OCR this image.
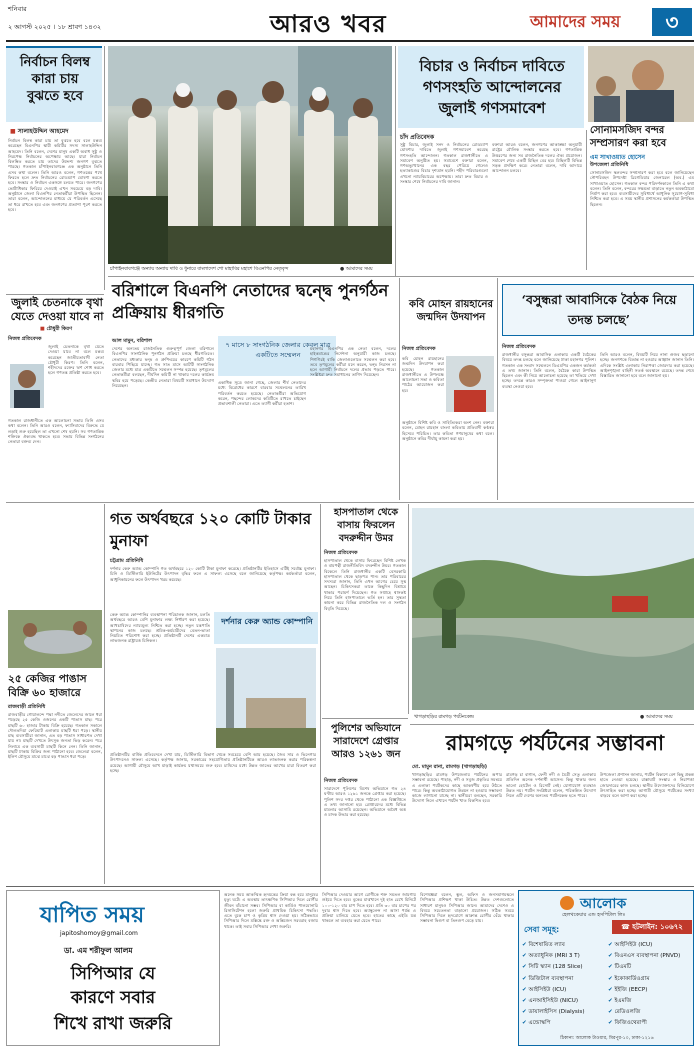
শনিবার
২ আগস্ট ২০২৫ । ১৮ শ্রাবণ ১৪৩২	আরও খবর	আমাদের সময়	৩
নির্বাচন বিলম্ব কারা চায় বুঝতে হবে
■ সালাহউদ্দিন আহমেদ
নির্বাচন বিলম্ব কারা চায় তা বুঝতে হবে বলে মন্তব্য করেছেন বিএনপির স্থায়ী কমিটির সদস্য সালাহউদ্দিন আহমেদ। তিনি বলেন, দেশের মানুষ একটি অবাধ সুষ্ঠু ও নিরপেক্ষ নির্বাচনের অপেক্ষায় আছে। যারা নির্বাচন বিলম্বিত করতে চায় তাদের উদ্দেশ্য জনগণ বুঝতে পারছে। গতকাল চাঁপাইনবাবগঞ্জে এক অনুষ্ঠানে তিনি এসব কথা বলেন। তিনি আরও বলেন, গণতন্ত্রের পথে ফিরতে হলে দ্রুত নির্বাচনের রোডম্যাপ ঘোষণা করতে হবে। সংস্কার ও নির্বাচন একসঙ্গে চলতে পারে। জনগণের ভোটাধিকার ফিরিয়ে দেওয়াই এখন সবচেয়ে বড় দাবি। অনুষ্ঠানে জেলা বিএনপির নেতাকর্মীরা উপস্থিত ছিলেন। তারা বলেন, আন্দোলনের মাধ্যমে যে পরিবর্তন এসেছে তা ধরে রাখতে হবে এবং জনগণের প্রত্যাশা পূরণ করতে হবে।
চাঁপাইনবাবগঞ্জে অন্যায় অন্যায় দাবি ও ধুনারে বাংলাদেশ শো মাহাবির মহাশে বিএনপির নেতৃবৃন্দ	● আমাদের সময়
বিচার ও নির্বাচন দাবিতে গণসংহতি আন্দোলনের জুলাই গণসমাবেশ
চাঁদ প্রতিবেদক
সুষ্ঠু বিচার, জুলাই সনদ ও নির্বাচনের রোডম্যাপ ঘোষণার দাবিতে জুলাই গণসমাবেশ করেছে গণসংহতি আন্দোলন। গতকাল রাজধানীতে এ সমাবেশ অনুষ্ঠিত হয়। সমাবেশে বক্তারা বলেন, গণঅভ্যুত্থানের এক বছর পেরিয়ে গেলেও হত্যাকাণ্ডের বিচার দৃশ্যমান হয়নি। শহীদ পরিবারগুলো এখনো ন্যায়বিচারের অপেক্ষায়। তারা দ্রুত বিচার ও সংস্কার শেষে নির্বাচনের দাবি জানান।
বক্তারা আরও বলেন, জনগণের আকাঙ্ক্ষা অনুযায়ী রাষ্ট্রের মৌলিক সংস্কার করতে হবে। গণতান্ত্রিক উত্তরণের জন্য সব রাজনৈতিক দলের ঐক্য প্রয়োজন। সমাবেশ শেষে একটি মিছিল বের হয়। মিছিলটি বিভিন্ন সড়ক প্রদক্ষিণ করে। নেতারা বলেন, দাবি আদায়ে আন্দোলন চলবে।
সোনামসজিদ বন্দর সম্প্রসারণ করা হবে
এম সাখাওয়াত হোসেন
উপজেলা প্রতিনিধি
সোনামসজিদ স্থলবন্দর সম্প্রসারণ করা হবে বলে জানিয়েছেন নৌপরিবহন উপদেষ্টা ব্রিগেডিয়ার জেনারেল (অব.) এম সাখাওয়াত হোসেন। গতকাল বন্দর পরিদর্শনকালে তিনি এ কথা বলেন। তিনি বলেন, বন্দরের সক্ষমতা বাড়াতে নতুন অবকাঠামো নির্মাণ করা হবে। ব্যবসায়ীদের সুবিধার্থে আধুনিক সুযোগ-সুবিধা নিশ্চিত করা হবে। এ সময় স্থানীয় প্রশাসনের কর্মকর্তারা উপস্থিত ছিলেন।
বরিশালে বিএনপি নেতাদের দ্বন্দ্বে পুনর্গঠন প্রক্রিয়ায় ধীরগতি
৭ মাসে ৮ সাংগঠনিক জেলার কেবল মাত্র একটিতে সম্মেলন
আল মামুন, বরিশাল
দেশের অন্যতম রাজনৈতিক গুরুত্বপূর্ণ জেলা বরিশালে বিএনপির সাংগঠনিক পুনর্গঠন প্রক্রিয়া চলছে ধীরগতিতে। নেতাদের মধ্যকার দ্বন্দ্ব ও গ্রুপিংয়ের কারণে কমিটি গঠন বারবার পিছিয়ে যাচ্ছে। গত সাত মাসে আটটি সাংগঠনিক জেলার মধ্যে মাত্র একটিতে সম্মেলন সম্পন্ন হয়েছে। তৃণমূলের নেতাকর্মীরা বলছেন, দীর্ঘদিন কমিটি না থাকায় দলের কার্যক্রম স্থবির হয়ে পড়েছে। কেন্দ্রীয় নেতারা বিষয়টি সমাধানে উদ্যোগ নিয়েছেন।
একাধিক সূত্রে জানা গেছে, জেলার শীর্ষ নেতাদের মধ্যে বিরোধের কারণে বারবার সম্মেলনের তারিখ পরিবর্তন করতে হয়েছে। নেতাকর্মীরা অভিযোগ করেন, পছন্দের লোকদের কমিটিতে রাখতে চাইছেন প্রভাবশালী নেতারা। এতে ত্যাগী কর্মীরা হতাশ।
মহানগর বিএনপির এক নেতা বলেন, দলের হাইকমান্ডের নির্দেশনা অনুযায়ী কাজ চলছে। শিগগিরই বাকি জেলাগুলোতে সম্মেলন করা হবে। তবে তৃণমূলের কর্মীরা মনে করেন, দ্বন্দ্ব নিরসন না হলে আগামী নির্বাচনে দলের প্রভাব পড়তে পারে। সংশ্লিষ্টরা দ্রুত সমাধানের তাগিদ দিয়েছেন।
জুলাই চেতনাকে বৃথা যেতে দেওয়া যাবে না
■ চৌধুরী কিরণ
নিজস্ব প্রতিবেদক
জুলাই চেতনাকে বৃথা যেতে দেওয়া যাবে না বলে মন্তব্য করেছেন জাতীয়তাবাদী নেতা চৌধুরী কিরণ। তিনি বলেন, শহীদদের রক্তের ঋণ শোধ করতে হলে গণতন্ত্র প্রতিষ্ঠা করতে হবে।
গতকাল রাজধানীতে এক আলোচনা সভায় তিনি এসব কথা বলেন। তিনি আরও বলেন, ফ্যাসিবাদের বিরুদ্ধে যে লড়াই শুরু হয়েছিল তা এখনো শেষ হয়নি। সব গণতান্ত্রিক শক্তিকে ঐক্যবদ্ধ থাকতে হবে। সভায় বিভিন্ন সংগঠনের নেতারা বক্তব্য দেন।
কবি মোহন রায়হানের জন্মদিন উদযাপন
নিজস্ব প্রতিবেদক
কবি মোহন রায়হানের জন্মদিন উদযাপন করা হয়েছে। গতকাল রাজধানীতে এ উপলক্ষে আলোচনা সভা ও কবিতা পাঠের আয়োজন করা হয়।
অনুষ্ঠানে বিশিষ্ট কবি ও সাহিত্যিকরা অংশ নেন। বক্তারা বলেন, মোহন রায়হান বাংলা কবিতায় প্রতিবাদী কণ্ঠস্বর হিসেবে পরিচিত। তার কবিতা গণমানুষের কথা বলে। অনুষ্ঠানে কবির দীর্ঘায়ু কামনা করা হয়।
‘বসুন্ধরা আবাসিকে বৈঠক নিয়ে তদন্ত চলছে’
নিজস্ব প্রতিবেদক
রাজধানীর বসুন্ধরা আবাসিক এলাকায় একটি বৈঠকের বিষয়ে তদন্ত চলছে বলে জানিয়েছে ঢাকা মহানগর পুলিশ। গতকাল এক সংবাদ সম্মেলনে ডিএমপির একজন কর্মকর্তা এ তথ্য জানান। তিনি বলেন, বৈঠকে কারা উপস্থিত ছিলেন এবং কী নিয়ে আলোচনা হয়েছে তা খতিয়ে দেখা হচ্ছে। তদন্তে কারও সম্পৃক্ততা পাওয়া গেলে আইনানুগ ব্যবস্থা নেওয়া হবে।
তিনি আরও বলেন, বিষয়টি নিয়ে নানা গুজব ছড়ানো হচ্ছে। জনগণকে বিভ্রান্ত না হওয়ার আহ্বান জানান তিনি। এদিকে সংশ্লিষ্ট এলাকায় নিরাপত্তা জোরদার করা হয়েছে। আইনশৃঙ্খলা বাহিনী সতর্ক অবস্থানে রয়েছে। তদন্ত শেষে বিস্তারিত জানানো হবে বলে জানানো হয়।
গত অর্থবছরে ১২০ কোটি টাকার মুনাফা
চট্টগ্রাম প্রতিনিধি
দর্শনার কেরু অ্যান্ড কোম্পানি গত অর্থবছরে ১২০ কোটি টাকা মুনাফা করেছে। প্রতিষ্ঠানটির ইতিহাসে এটিই সর্বোচ্চ মুনাফা। চিনি ও ডিস্টিলারি ইউনিটের উৎপাদন বৃদ্ধির ফলে এ সাফল্য এসেছে বলে জানিয়েছে কর্তৃপক্ষ। কর্মকর্তারা বলেন, আধুনিকায়নের ফলে উৎপাদন খরচ কমেছে।
দর্শনার কেরু অ্যান্ড কোম্পানি
কেরু অ্যান্ড কোম্পানির ব্যবস্থাপনা পরিচালক জানান, চলতি অর্থবছরে আরও বেশি মুনাফার লক্ষ্য নির্ধারণ করা হয়েছে। আখচাষিদের ন্যায্যমূল্য নিশ্চিত করা হচ্ছে। নতুন যন্ত্রপাতি স্থাপনের কাজ চলছে। শ্রমিক-কর্মচারীদের বেতন-ভাতা নিয়মিত পরিশোধ করা হচ্ছে। প্রতিষ্ঠানটি দেশের একমাত্র লাভজনক রাষ্ট্রায়ত্ত চিনিকল।
প্রতিষ্ঠানটির বার্ষিক প্রতিবেদনে দেখা যায়, ডিস্টিলারি বিভাগ থেকে সবচেয়ে বেশি আয় হয়েছে। জৈব সার ও ভিনেগার উৎপাদনেও সাফল্য এসেছে। কর্তৃপক্ষ জানায়, সরকারের সহযোগিতায় প্রতিষ্ঠানটিকে আরও লাভজনক করার পরিকল্পনা রয়েছে। আগামী মৌসুমে আখ মাড়াই কার্যক্রম যথাসময়ে শুরু হবে। চাষিদের মধ্যে উন্নত জাতের আখের চারা বিতরণ করা হচ্ছে।
২৫ কেজির পাঙাস বিক্রি ৬০ হাজারে
রাজবাড়ী প্রতিনিধি
রাজবাড়ীর গোয়ালন্দে পদ্মা নদীতে জেলেদের জালে ধরা পড়েছে ২৫ কেজি ওজনের একটি পাঙাস মাছ। পরে মাছটি ৬০ হাজার টাকায় বিক্রি হয়েছে। গতকাল সকালে দৌলতদিয়া ফেরিঘাট এলাকায় মাছটি ধরা পড়ে। স্থানীয় মাছ ব্যবসায়ীরা জানান, এত বড় পাঙাস সাধারণত দেখা যায় না। মাছটি দেখতে উৎসুক জনতা ভিড় করেন। পরে নিলামে এক ব্যবসায়ী মাছটি কিনে নেন। তিনি জানান, মাছটি ঢাকায় বিক্রির জন্য পাঠানো হবে। জেলেরা বলেন, ইলিশ মৌসুমে মাঝে মাঝে বড় পাঙাস ধরা পড়ে।
হাসপাতাল থেকে বাসায় ফিরলেন বদরুদ্দীন উমর
নিজস্ব প্রতিবেদক
হাসপাতাল থেকে বাসায় ফিরেছেন বিশিষ্ট লেখক ও বামপন্থী রাজনীতিবিদ বদরুদ্দীন উমর। গতকাল বিকেলে তিনি রাজধানীর একটি বেসরকারি হাসপাতাল থেকে ছাড়পত্র পান। তার পরিবারের সদস্যরা জানান, তিনি এখন আগের চেয়ে সুস্থ আছেন। চিকিৎসকরা তাকে কিছুদিন বিশ্রামে থাকার পরামর্শ দিয়েছেন। গত সপ্তাহে শ্বাসকষ্ট নিয়ে তিনি হাসপাতালে ভর্তি হন। তার সুস্থতা কামনা করে বিভিন্ন রাজনৈতিক দল ও সংগঠন বিবৃতি দিয়েছে।
পুলিশের অভিযানে সারাদেশে গ্রেপ্তার আরও ১২৬১ জন
নিজস্ব প্রতিবেদক
সারাদেশে পুলিশের বিশেষ অভিযানে গত ২৪ ঘণ্টায় আরও ১২৬১ জনকে গ্রেপ্তার করা হয়েছে। পুলিশ সদর দপ্তর থেকে পাঠানো এক বিজ্ঞপ্তিতে এ তথ্য জানানো হয়। গ্রেপ্তারদের মধ্যে বিভিন্ন মামলার আসামি রয়েছেন। অভিযানে অবৈধ অস্ত্র ও মাদক উদ্ধার করা হয়েছে।
খাগড়াছড়ির রামগড় পর্যটনকেন্দ্র	● আমাদের সময়
রামগড়ে পর্যটনের সম্ভাবনা
মো. মামুন রানা, রামগড় (খাগড়াছড়ি)
খাগড়াছড়ির রামগড় উপজেলায় পর্যটনের অপার সম্ভাবনা রয়েছে। পাহাড়, নদী ও সবুজ প্রকৃতির সমন্বয়ে এ এলাকা পর্যটকদের কাছে আকর্ষণীয় হয়ে উঠতে পারে। কিন্তু অবকাঠামোগত উন্নয়ন না হওয়ায় সম্ভাবনা কাজে লাগানো যাচ্ছে না। স্থানীয়রা বলছেন, সরকারি উদ্যোগ নিলে এখানে পর্যটন খাত বিকশিত হবে।
রামগড় চা বাগান, ফেনী নদী ও মৈত্রী সেতু এলাকায় প্রতিদিন অনেক দর্শনার্থী আসেন। কিন্তু থাকার জন্য ভালো হোটেল ও রিসোর্ট নেই। যোগাযোগ ব্যবস্থাও উন্নত নয়। পর্যটন সংশ্লিষ্টরা বলেন, পরিকল্পিত উদ্যোগ নিলে এটি দেশের অন্যতম পর্যটনকেন্দ্র হতে পারে।
উপজেলা প্রশাসন জানায়, পর্যটন বিকাশে বেশ কিছু প্রকল্প হাতে নেওয়া হয়েছে। রাস্তাঘাট সংস্কার ও নিরাপত্তা জোরদারের কাজ চলছে। স্থানীয় উদ্যোক্তাদের বিনিয়োগে উৎসাহিত করা হচ্ছে। আগামী মৌসুমে পর্যটকের সংখ্যা বাড়বে বলে আশা করা হচ্ছে।
যাপিত সময়
japitoshomoy@gmail.com
ডা. এম শরীফুল আলম
সিপিআর যে
কারণে সবার
শিখে রাখা জরুরি
অনেক সময় আকস্মিক হৃদযন্ত্রের ক্রিয়া বন্ধ হয়ে মানুষের মৃত্যু ঘটে। এ অবস্থায় তাৎক্ষণিক সিপিআর দিলে রোগীর জীবন বাঁচানো সম্ভব। সিপিআর বা কার্ডিও পালমোনারি রিসাসিটেশন হলো জরুরি প্রাথমিক চিকিৎসা পদ্ধতি। এতে বুকে চাপ ও কৃত্রিম শ্বাস দেওয়া হয়। সঠিকভাবে সিপিআর দিলে মস্তিষ্কে রক্ত ও অক্সিজেন সরবরাহ বজায় থাকে। তাই সবার সিপিআর শেখা জরুরি।
সিপিআর দেওয়ার আগে রোগীকে শক্ত সমতল জায়গায় শুইয়ে দিতে হবে। বুকের মাঝখানে দুই হাত রেখে মিনিটে ১০০-১২০ বার চাপ দিতে হবে। প্রতি ৩০ বার চাপের পর দুবার শ্বাস দিতে হবে। অ্যাম্বুলেন্স না আসা পর্যন্ত এ প্রক্রিয়া চালিয়ে যেতে হবে। হাতের কাছে এইডি যন্ত্র থাকলে তা ব্যবহার করা যেতে পারে।
বিশেষজ্ঞরা বলেন, স্কুল, অফিস ও জনসমাগমস্থলে সিপিআর প্রশিক্ষণ থাকা উচিত। উন্নত দেশগুলোতে সাধারণ মানুষও সিপিআর জানে। আমাদের দেশেও এ বিষয়ে সচেতনতা বাড়ানো প্রয়োজন। সঠিক সময়ে সিপিআর দিলে হৃদরোগে আক্রান্ত রোগীর বেঁচে থাকার সম্ভাবনা দ্বিগুণ বা তিনগুণ বেড়ে যায়।
আলোক
হেলথকেয়ার এন্ড হসপিটাল লিঃ
সেবা সমূহ:	☎ হটলাইন: ১০৬৭২
✔ বিশেষায়িত ল্যাব
✔ অত্যাধুনিক (MRI 3 T)
✔ সিটি স্ক্যান (128 Slice)
✔ ডিজিটাল ব্যবস্থাপনা
✔ আইসিইউ (ICU)
✔ এনআইসিইউ (NICU)
✔ ডায়ালাইসিস (Dialysis)
✔ এন্ডোস্কপি
✔ আইসিইউ (ICU)
✔ বিএনএস ব্যবস্থাপনা (PNVD)
✔ টিএমটি
✔ ইকোকার্ডিওগ্রাম
✔ ইইজি (EECP)
✔ ইএমজি
✔ রেডিওলজি
✔ ফিজিওথেরাপী
ঠিকানা: আলোক টাওয়ার, মিরপুর-১০, ঢাকা-১২১৬
